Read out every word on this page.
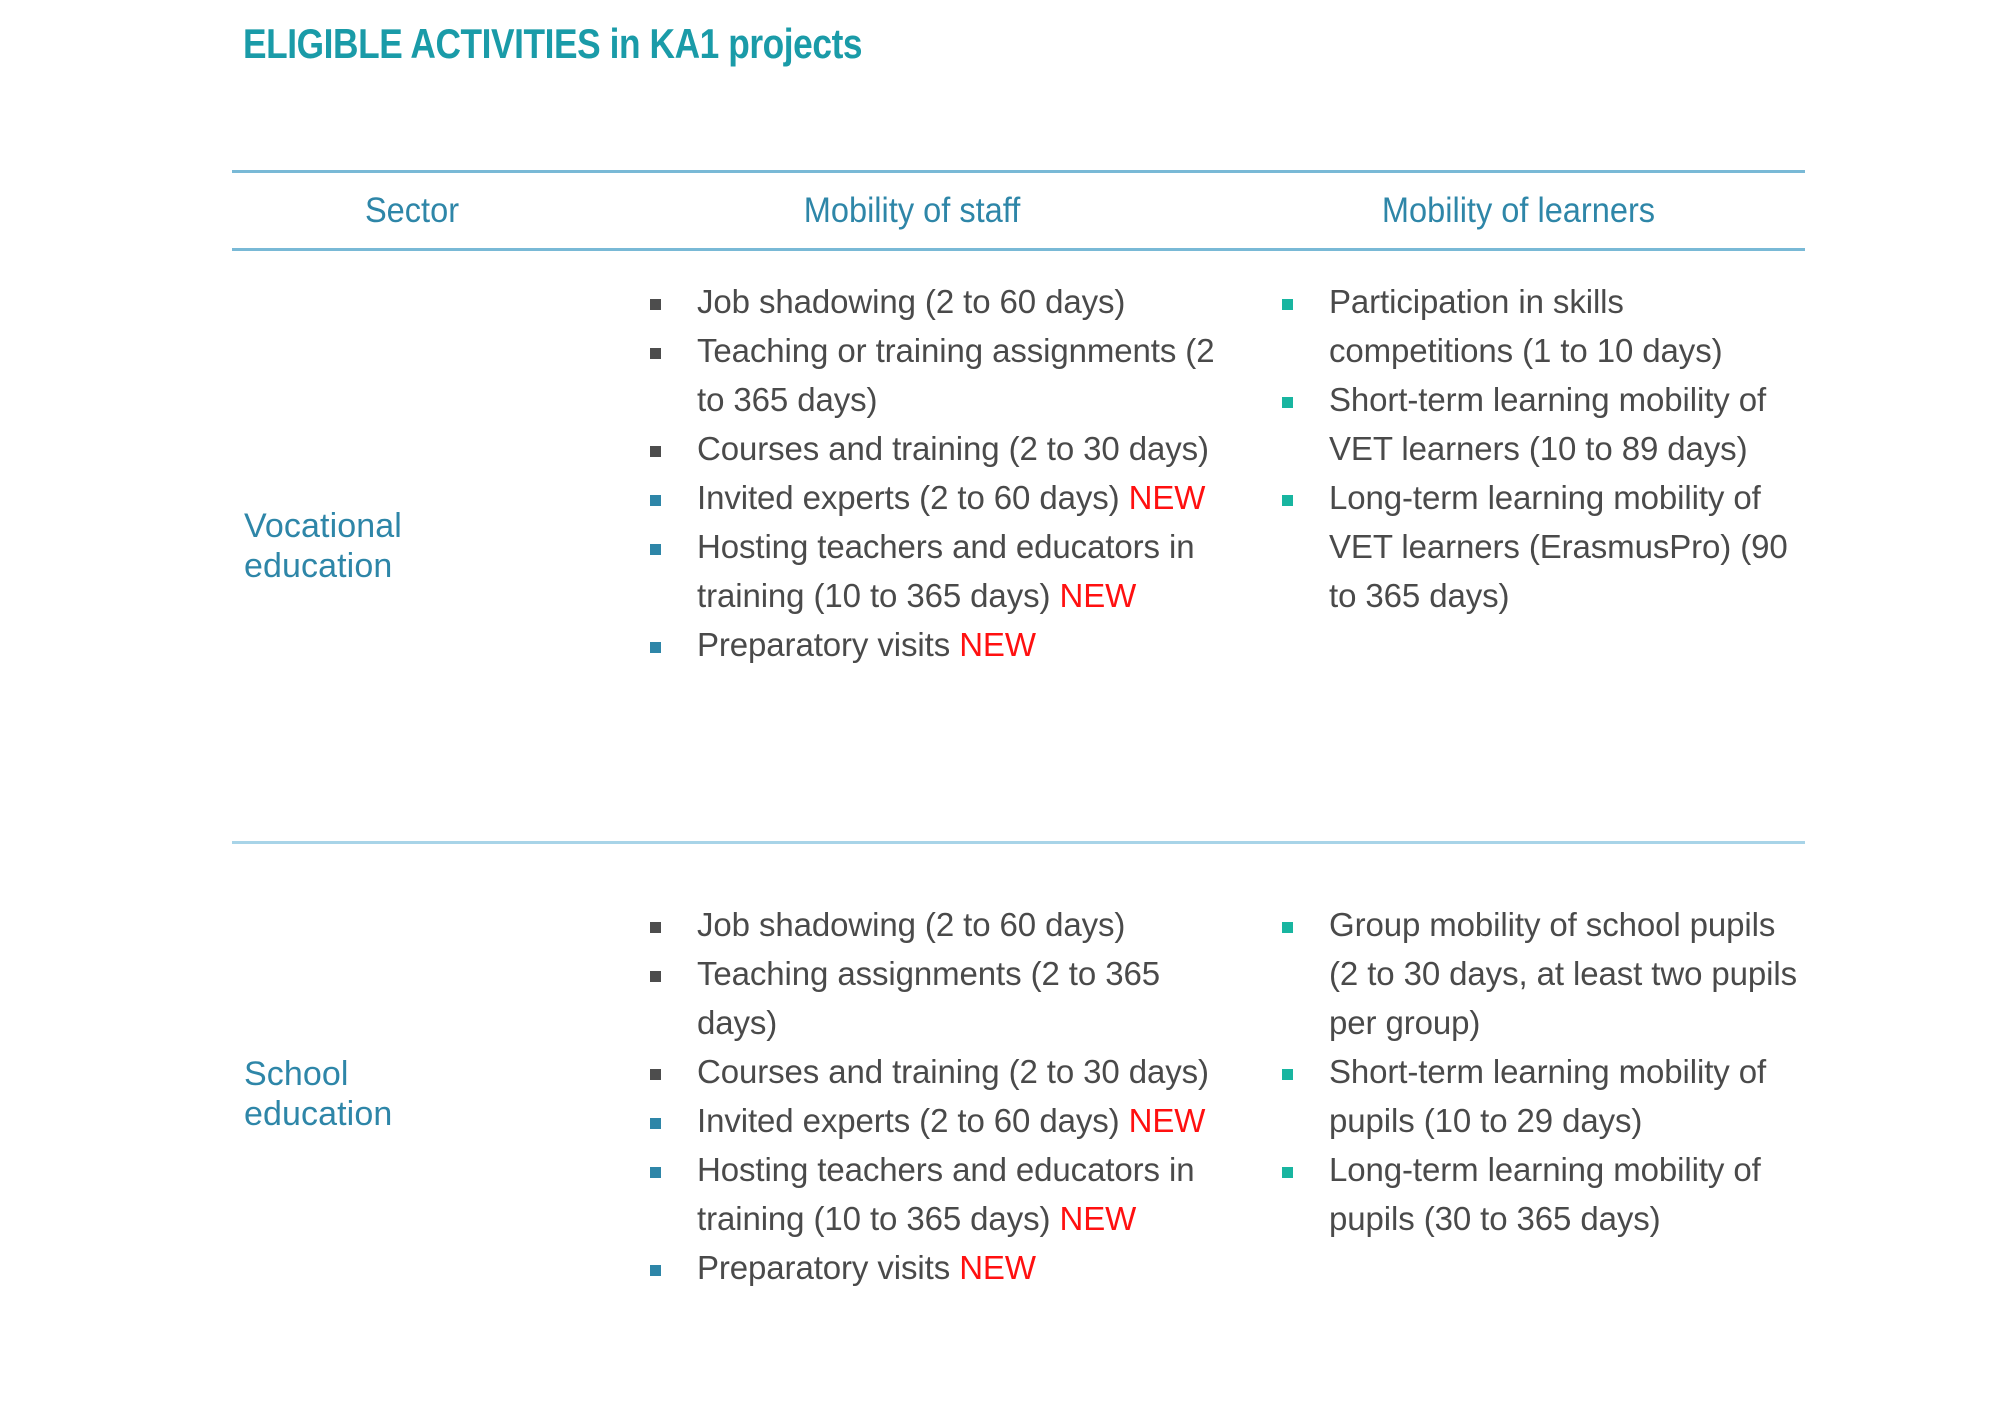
ELIGIBLE ACTIVITIES in KA1 projects
Sector	Mobility of staff	Mobility of learners
Vocational
education
Job shadowing (2 to 60 days)
Teaching or training assignments (2 to 365 days)
Courses and training (2 to 30 days)
Invited experts (2 to 60 days) NEW
Hosting teachers and educators in training (10 to 365 days) NEW
Preparatory visits NEW
Participation in skills competitions (1 to 10 days)
Short-term learning mobility of VET learners (10 to 89 days)
Long-term learning mobility of VET learners (ErasmusPro) (90 to 365 days)
School
education
Job shadowing (2 to 60 days)
Teaching assignments (2 to 365 days)
Courses and training (2 to 30 days)
Invited experts (2 to 60 days) NEW
Hosting teachers and educators in training (10 to 365 days) NEW
Preparatory visits NEW
Group mobility of school pupils (2 to 30 days, at least two pupils per group)
Short-term learning mobility of pupils (10 to 29 days)
Long-term learning mobility of pupils (30 to 365 days)
